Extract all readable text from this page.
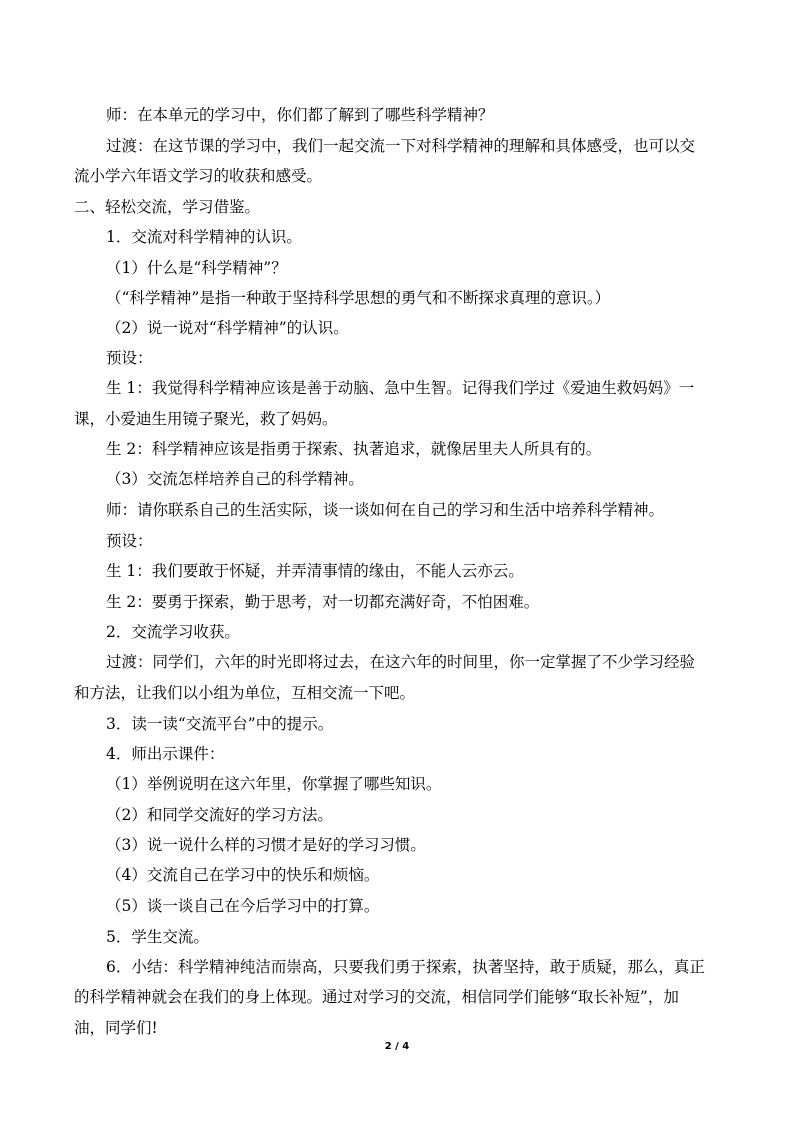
师：在本单元的学习中，你们都了解到了哪些科学精神？
过渡：在这节课的学习中，我们一起交流一下对科学精神的理解和具体感受，也可以交
流小学六年语文学习的收获和感受。
二、轻松交流，学习借鉴。
1．交流对科学精神的认识。
（1）什么是“科学精神”？
（“科学精神”是指一种敢于坚持科学思想的勇气和不断探求真理的意识。）
（2）说一说对“科学精神”的认识。
预设：
生 1：我觉得科学精神应该是善于动脑、急中生智。记得我们学过《爱迪生救妈妈》一
课，小爱迪生用镜子聚光，救了妈妈。
生 2：科学精神应该是指勇于探索、执著追求，就像居里夫人所具有的。
（3）交流怎样培养自己的科学精神。
师：请你联系自己的生活实际，谈一谈如何在自己的学习和生活中培养科学精神。
预设：
生 1：我们要敢于怀疑，并弄清事情的缘由，不能人云亦云。
生 2：要勇于探索，勤于思考，对一切都充满好奇，不怕困难。
2．交流学习收获。
过渡：同学们，六年的时光即将过去，在这六年的时间里，你一定掌握了不少学习经验
和方法，让我们以小组为单位，互相交流一下吧。
3．读一读“交流平台”中的提示。
4．师出示课件：
（1）举例说明在这六年里，你掌握了哪些知识。
（2）和同学交流好的学习方法。
（3）说一说什么样的习惯才是好的学习习惯。
（4）交流自己在学习中的快乐和烦恼。
（5）谈一谈自己在今后学习中的打算。
5．学生交流。
6．小结：科学精神纯洁而崇高，只要我们勇于探索，执著坚持，敢于质疑，那么，真正
的科学精神就会在我们的身上体现。通过对学习的交流，相信同学们能够“取长补短”，加
油，同学们!
2 / 4
